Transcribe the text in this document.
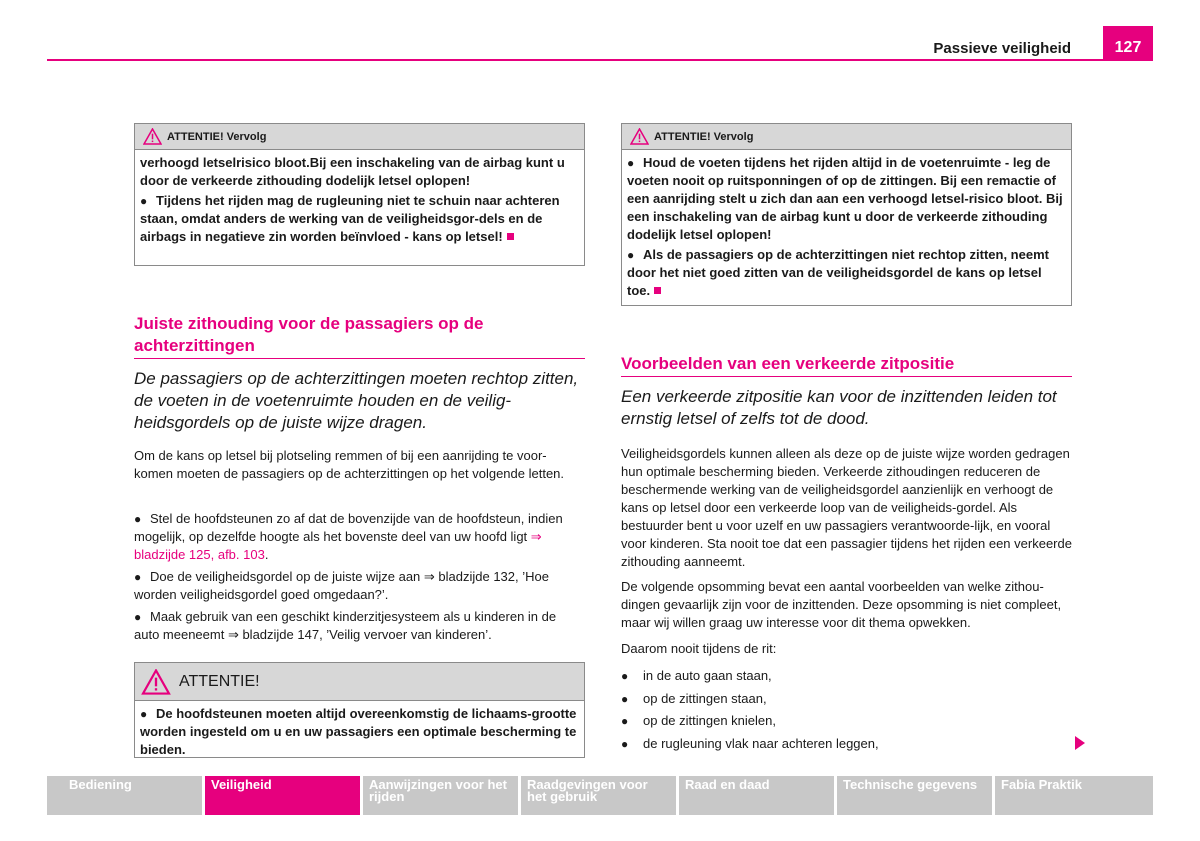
Passieve veiligheid	127
ATTENTIE! Vervolg

verhoogd letselrisico bloot.Bij een inschakeling van de airbag kunt u door de verkeerde zithouding dodelijk letsel oplopen!

● Tijdens het rijden mag de rugleuning niet te schuin naar achteren staan, omdat anders de werking van de veiligheidsgor-dels en de airbags in negatieve zin worden beïnvloed - kans op letsel!

Juiste zithouding voor de passagiers op de achterzittingen
De passagiers op de achterzittingen moeten rechtop zitten, de voeten in de voetenruimte houden en de veilig-heidsgordels op de juiste wijze dragen.
Om de kans op letsel bij plotseling remmen of bij een aanrijding te voor-komen moeten de passagiers op de achterzittingen op het volgende letten.
● Stel de hoofdsteunen zo af dat de bovenzijde van de hoofdsteun, indien mogelijk, op dezelfde hoogte als het bovenste deel van uw hoofd ligt ⇒ bladzijde 125, afb. 103.
● Doe de veiligheidsgordel op de juiste wijze aan ⇒ bladzijde 132, ’Hoe worden veiligheidsgordel goed omgedaan?’.
● Maak gebruik van een geschikt kinderzitjesysteem als u kinderen in de auto meeneemt ⇒ bladzijde 147, ’Veilig vervoer van kinderen’.
ATTENTIE!

● De hoofdsteunen moeten altijd overeenkomstig de lichaams-grootte worden ingesteld om u en uw passagiers een optimale bescherming te bieden.

ATTENTIE! Vervolg

● Houd de voeten tijdens het rijden altijd in de voetenruimte - leg de voeten nooit op ruitsponningen of op de zittingen. Bij een remactie of een aanrijding stelt u zich dan aan een verhoogd letsel-risico bloot. Bij een inschakeling van de airbag kunt u door de verkeerde zithouding dodelijk letsel oplopen!

● Als de passagiers op de achterzittingen niet rechtop zitten, neemt door het niet goed zitten van de veiligheidsgordel de kans op letsel toe.

Voorbeelden van een verkeerde zitpositie
Een verkeerde zitpositie kan voor de inzittenden leiden tot ernstig letsel of zelfs tot de dood.
Veiligheidsgordels kunnen alleen als deze op de juiste wijze worden gedragen hun optimale bescherming bieden. Verkeerde zithoudingen reduceren de beschermende werking van de veiligheidsgordel aanzienlijk en verhoogt de kans op letsel door een verkeerde loop van de veiligheids-gordel. Als bestuurder bent u voor uzelf en uw passagiers verantwoorde-lijk, en vooral voor kinderen. Sta nooit toe dat een passagier tijdens het rijden een verkeerde zithouding aanneemt.
De volgende opsomming bevat een aantal voorbeelden van welke zithou-dingen gevaarlijk zijn voor de inzittenden. Deze opsomming is niet compleet, maar wij willen graag uw interesse voor dit thema opwekken.
Daarom nooit tijdens de rit:
● in de auto gaan staan,
● op de zittingen staan,
● op de zittingen knielen,
● de rugleuning vlak naar achteren leggen,
Bediening	Veiligheid	Aanwijzingen voor het rijden
Raadgevingen voor het gebruik
Raad en daad	Technische gegevens	Fabia Praktik
